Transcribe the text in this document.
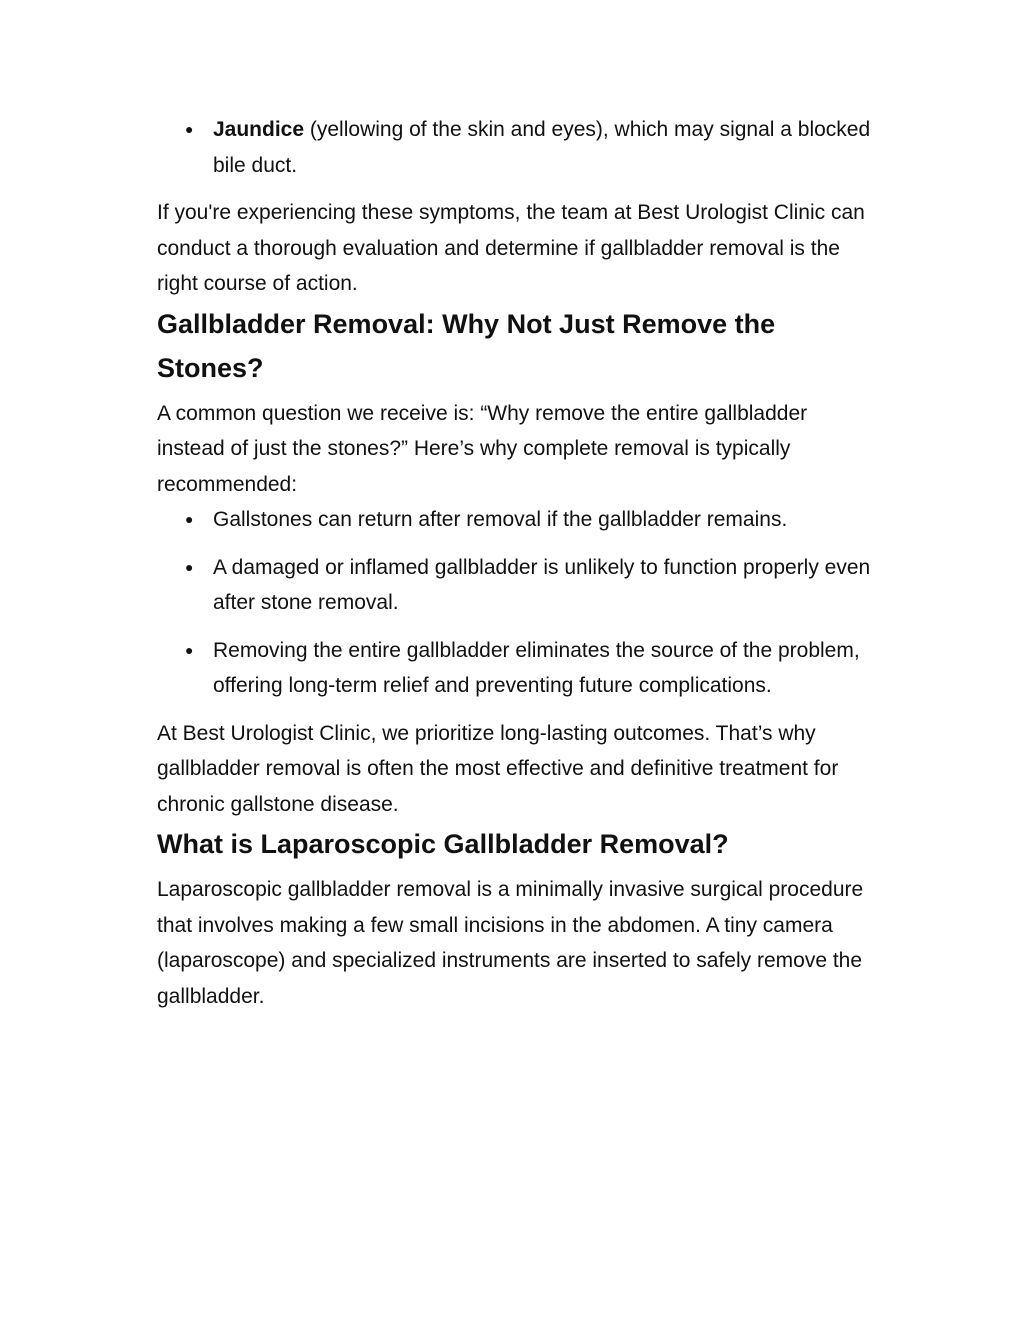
● Jaundice (yellowing of the skin and eyes), which may signal a blocked bile duct.

If you're experiencing these symptoms, the team at Best Urologist Clinic can conduct a thorough evaluation and determine if gallbladder removal is the right course of action.

Gallbladder Removal: Why Not Just Remove the Stones?

A common question we receive is: “Why remove the entire gallbladder instead of just the stones?” Here’s why complete removal is typically recommended:

● Gallstones can return after removal if the gallbladder remains.
● A damaged or inflamed gallbladder is unlikely to function properly even after stone removal.
● Removing the entire gallbladder eliminates the source of the problem, offering long-term relief and preventing future complications.

At Best Urologist Clinic, we prioritize long-lasting outcomes. That’s why gallbladder removal is often the most effective and definitive treatment for chronic gallstone disease.

What is Laparoscopic Gallbladder Removal?

Laparoscopic gallbladder removal is a minimally invasive surgical procedure that involves making a few small incisions in the abdomen. A tiny camera (laparoscope) and specialized instruments are inserted to safely remove the gallbladder.
